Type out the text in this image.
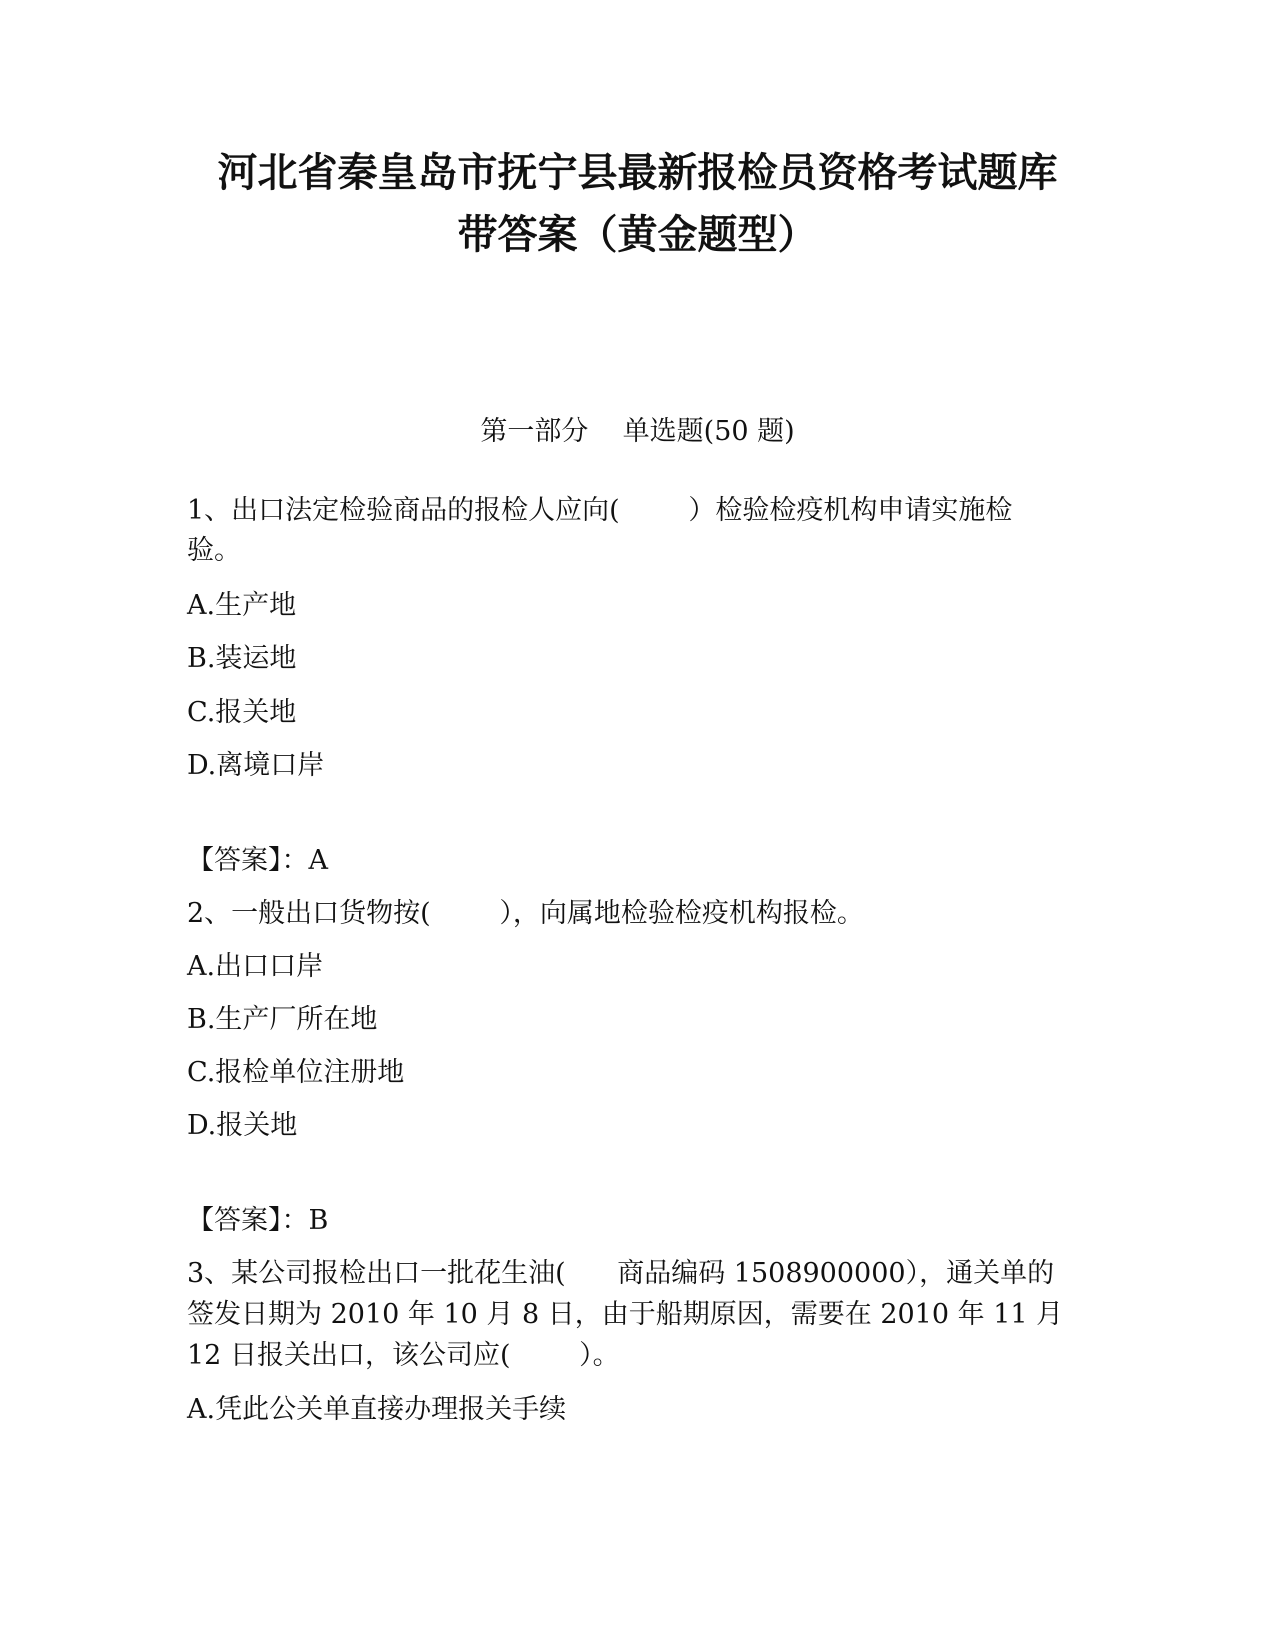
河北省秦皇岛市抚宁县最新报检员资格考试题库
带答案（黄金题型）
第一部分    单选题(50 题)
1、出口法定检验商品的报检人应向(        ）检验检疫机构申请实施检
验。
A.生产地
B.装运地
C.报关地
D.离境口岸
【答案】：A
2、一般出口货物按(        ），向属地检验检疫机构报检。
A.出口口岸
B.生产厂所在地
C.报检单位注册地
D.报关地
【答案】：B
3、某公司报检出口一批花生油(      商品编码 1508900000），通关单的
签发日期为 2010 年 10 月 8 日，由于船期原因，需要在 2010 年 11 月
12 日报关出口，该公司应(        ）。
A.凭此公关单直接办理报关手续
